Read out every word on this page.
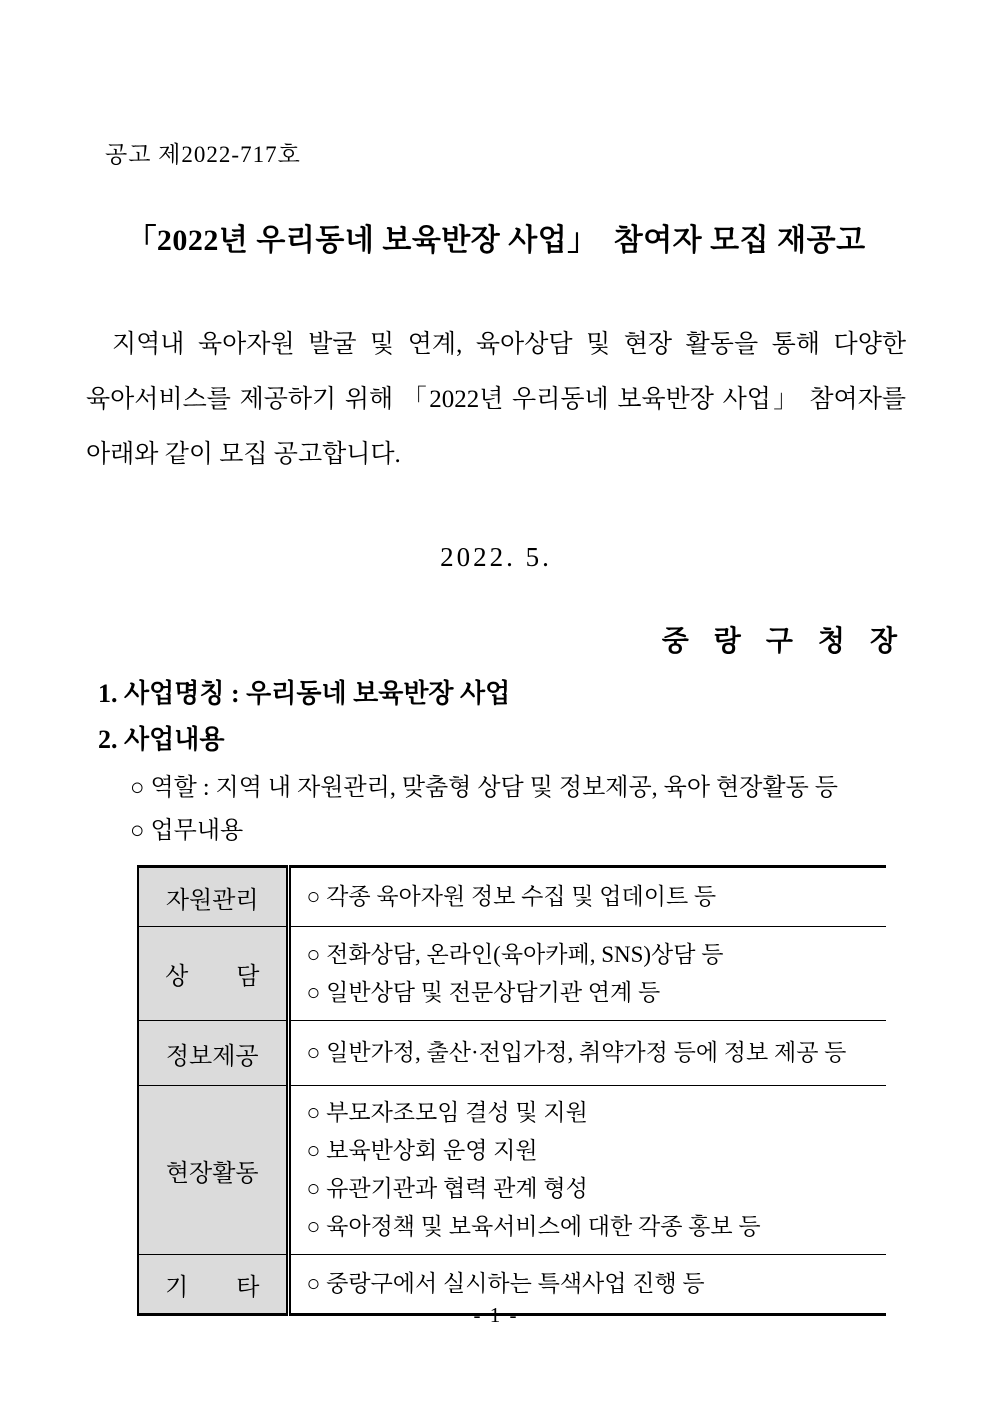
공고 제2022-717호
「2022년 우리동네 보육반장 사업」  참여자 모집 재공고
지역내 육아자원 발굴 및 연계, 육아상담 및 현장 활동을 통해 다양한
육아서비스를 제공하기 위해 「2022년 우리동네 보육반장 사업」 참여자를
아래와 같이 모집 공고합니다.
2022. 5.
중 랑 구 청 장
1. 사업명칭 : 우리동네 보육반장 사업
2. 사업내용
○ 역할 : 지역 내 자원관리, 맞춤형 상담 및 정보제공, 육아 현장활동 등
○ 업무내용
자원관리	○ 각종 육아자원 정보 수집 및 업데이트 등

상　　담	○ 전화상담, 온라인(육아카페, SNS)상담 등
○ 일반상담 및 전문상담기관 연계 등

정보제공	○ 일반가정, 출산·전입가정, 취약가정 등에 정보 제공 등

현장활동	○ 부모자조모임 결성 및 지원
○ 보육반상회 운영 지원
○ 유관기관과 협력 관계 형성
○ 육아정책 및 보육서비스에 대한 각종 홍보 등

기　　타	○ 중랑구에서 실시하는 특색사업 진행 등
- 1 -
